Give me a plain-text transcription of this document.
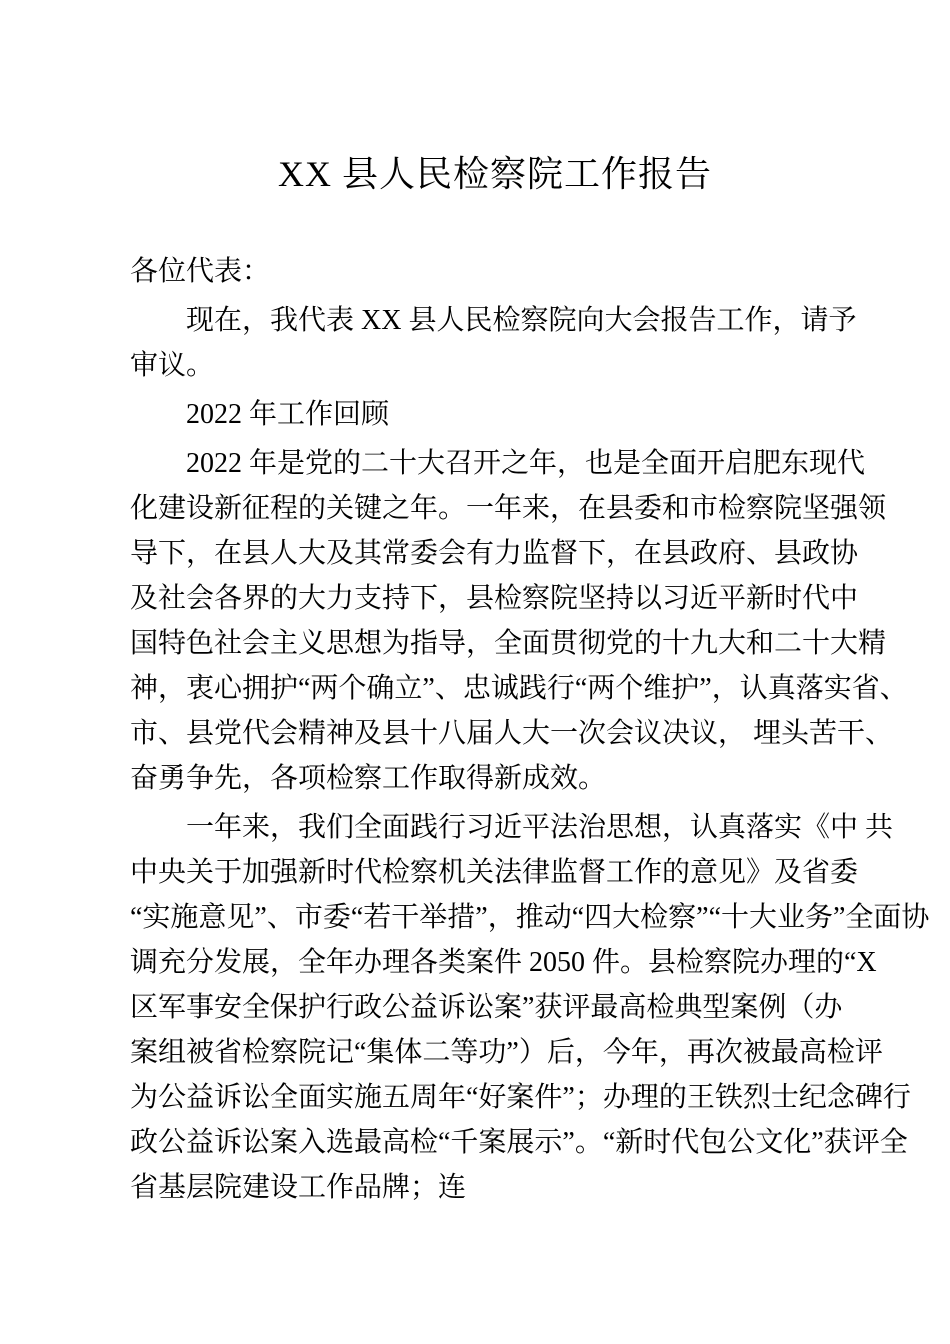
XX 县人民检察院工作报告
各位代表：
现在，我代表 XX 县人民检察院向大会报告工作，请予
审议。
2022 年工作回顾
2022 年是党的二十大召开之年，也是全面开启肥东现代
化建设新征程的关键之年。一年来，在县委和市检察院坚强领
导下，在县人大及其常委会有力监督下，在县政府、县政协
及社会各界的大力支持下，县检察院坚持以习近平新时代中
国特色社会主义思想为指导，全面贯彻党的十九大和二十大精
神，衷心拥护“两个确立”、忠诚践行“两个维护”，认真落实省、
市、县党代会精神及县十八届人大一次会议决议， 埋头苦干、
奋勇争先，各项检察工作取得新成效。
一年来，我们全面践行习近平法治思想，认真落实《中 共
中央关于加强新时代检察机关法律监督工作的意见》及省委
“实施意见”、市委“若干举措”，推动“四大检察”“十大业务”全面协
调充分发展，全年办理各类案件 2050 件。县检察院办理的“X
区军事安全保护行政公益诉讼案”获评最高检典型案例（办
案组被省检察院记“集体二等功”）后，今年，再次被最高检评
为公益诉讼全面实施五周年“好案件”；办理的王铁烈士纪念碑行
政公益诉讼案入选最高检“千案展示”。“新时代包公文化”获评全
省基层院建设工作品牌；连
